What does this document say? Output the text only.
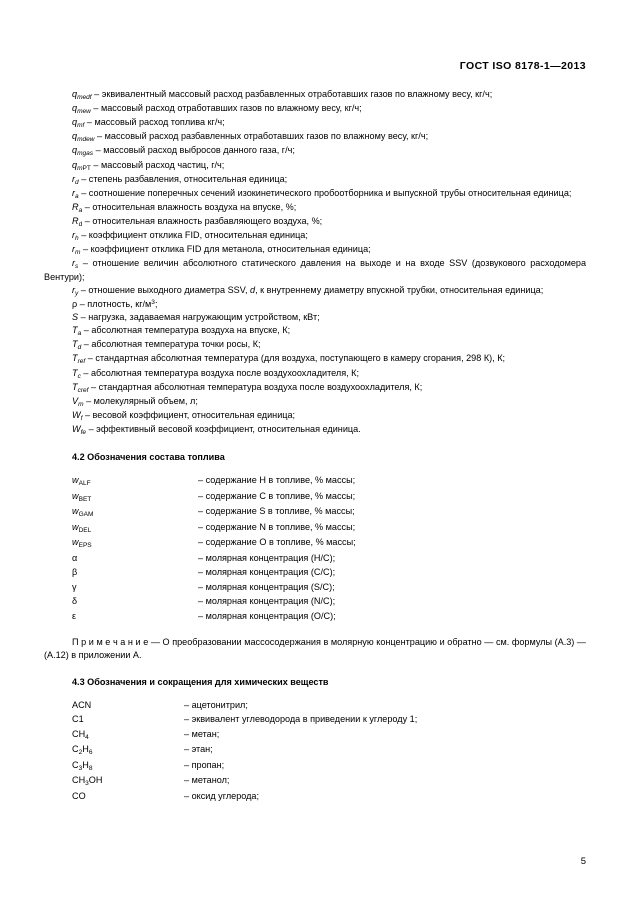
ГОСТ ISO 8178-1—2013

$q_{medf}$ – эквивалентный массовый расход разбавленных отработавших газов по влажному весу, кг/ч;

$q_{mew}$ – массовый расход отработавших газов по влажному весу, кг/ч;

$q_{mf}$ – массовый расход топлива кг/ч;

$q_{mdew}$ – массовый расход разбавленных отработавших газов по влажному весу, кг/ч;

$q_{mgas}$ – массовый расход выбросов данного газа, г/ч;

$q_{mPT}$ – массовый расход частиц, г/ч;

$r_d$ – степень разбавления, относительная единица;

$r_a$ – соотношение поперечных сечений изокинетического пробоотборника и выпускной трубы относительная единица;

$R_a$ – относительная влажность воздуха на впуске, %;

$R_d$ – относительная влажность разбавляющего воздуха, %;

$r_h$ – коэффициент отклика FID, относительная единица;

$r_m$ – коэффициент отклика FID для метанола, относительная единица;

$r_s$ – отношение величин абсолютного статического давления на выходе и на входе SSV (дозвукового расходомера Вентури);

$r_у$ – отношение выходного диаметра SSV, d, к внутреннему диаметру впускной трубки, относительная единица;

ρ – плотность, $кг/м^3$;

S – нагрузка, задаваемая нагружающим устройством, кВт;

$T_a$ – абсолютная температура воздуха на впуске, К;

$T_d$ – абсолютная температура точки росы, К;

$T_{ref}$ – стандартная абсолютная температура (для воздуха, поступающего в камеру сгорания, 298 К), К;

$T_c$ – абсолютная температура воздуха после воздухоохладителя, К;

$T_{cref}$ – стандартная абсолютная температура воздуха после воздухоохладителя, К;

$V_m$ – молекулярный объем, л;

$W_f$ – весовой коэффициент, относительная единица;

$W_{fe}$ – эффективный весовой коэффициент, относительная единица.

4.2 Обозначения состава топлива
$w_{ALF}$	– содержание Н в топливе, % массы;
$w_{BET}$	– содержание С в топливе, % массы;
$w_{GAM}$	– содержание S в топливе, % массы;
$w_{DEL}$	– содержание N в топливе, % массы;
$w_{EPS}$	– содержание О в топливе, % массы;
α	– молярная концентрация (Н/С);
β	– молярная концентрация (С/С);
γ	– молярная концентрация (S/С);
δ	– молярная концентрация (N/С);
ε	– молярная концентрация (О/С);

П р и м е ч а н и е — О преобразовании массосодержания в молярную концентрацию и обратно — см. формулы (А.3) — (А.12) в приложении А.

4.3 Обозначения и сокращения для химических веществ
ACN	– ацетонитрил;
C1	– эквивалент углеводорода в приведении к углероду 1;
$CH_4$	– метан;
$C_2H_6$	– этан;
$C_3H_8$	– пропан;
$CH_3OH$	– метанол;
CO	– оксид углерода;
5
